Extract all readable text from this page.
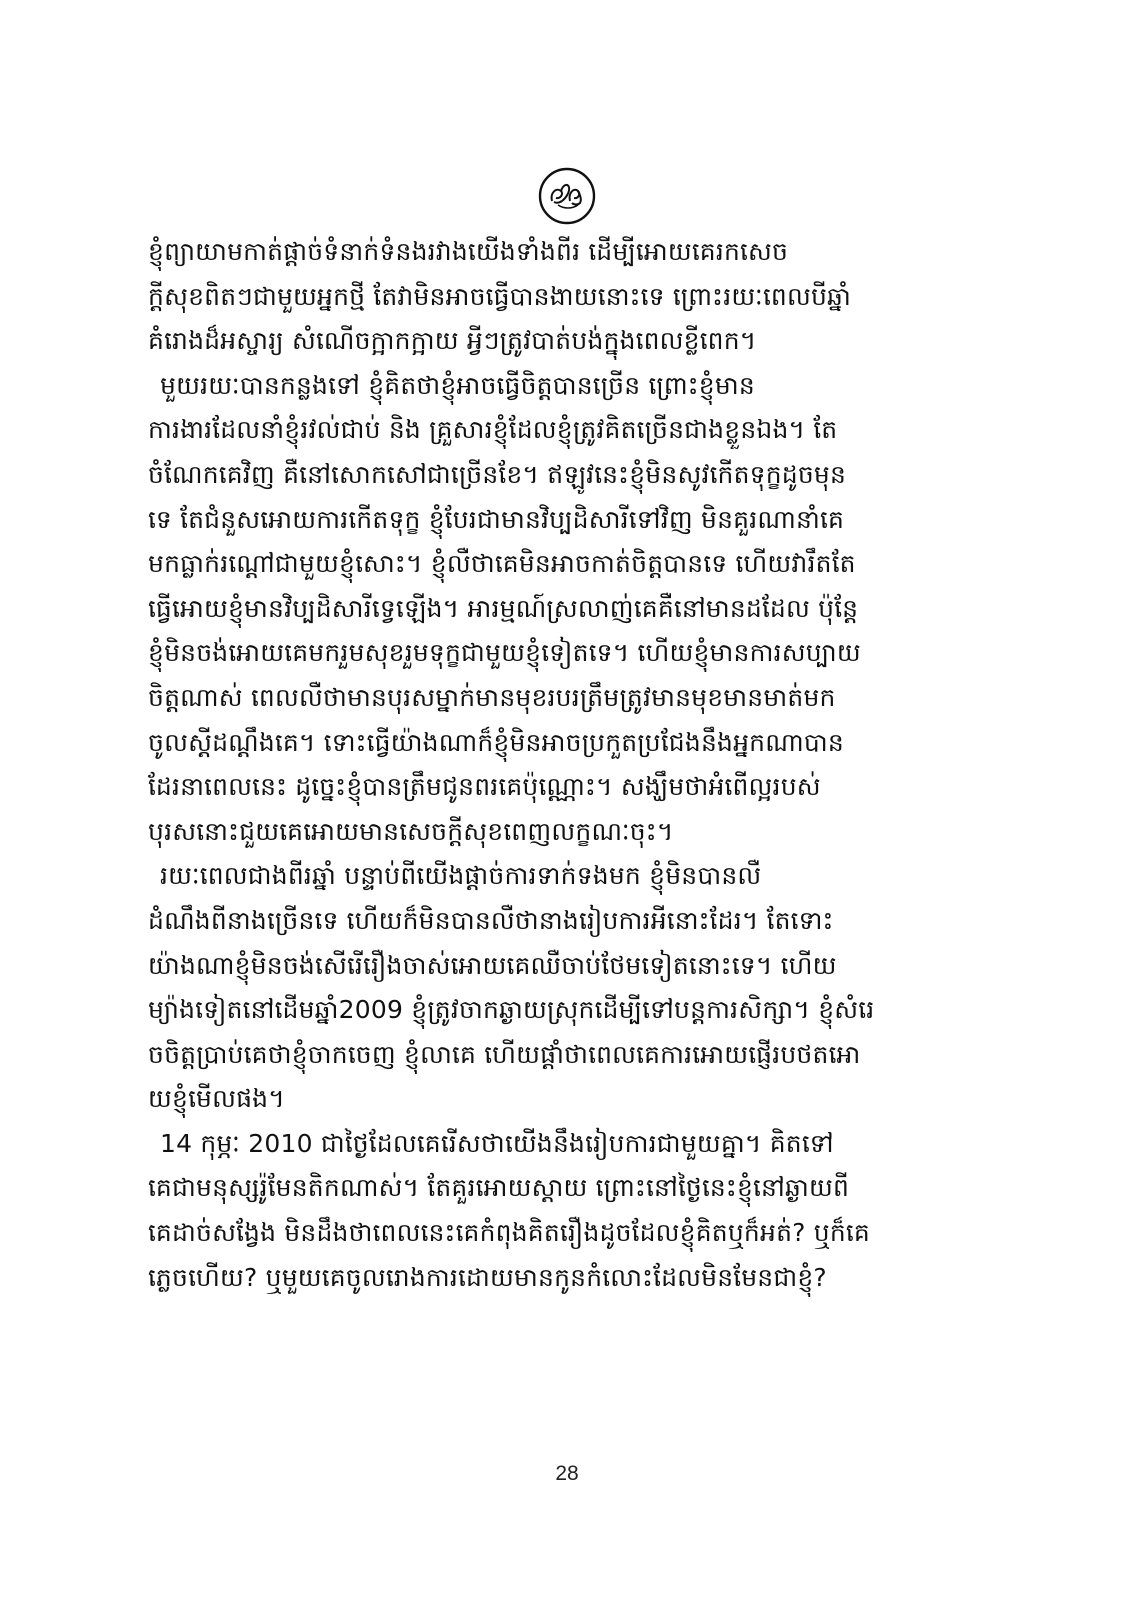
ខ្ញុំព្យាយាមកាត់ផ្តាច់ទំនាក់ទំនងរវាងយើងទាំងពីរ ដើម្បីអោយគេរកសេច
ក្តីសុខពិតៗជាមួយអ្នកថ្មី តែវាមិនអាចធ្វើបានងាយនោះទេ ព្រោះរយៈពេលបីឆ្នាំ
គំរោងដ៏អស្ចារ្យ សំណើចក្អាកក្អាយ អ្វីៗត្រូវបាត់បង់ក្នុងពេលខ្លីពេក។
មួយរយៈបានកន្លងទៅ ខ្ញុំគិតថាខ្ញុំអាចធ្វើចិត្តបានច្រើន ព្រោះខ្ញុំមាន
ការងារដែលនាំខ្ញុំរវល់ជាប់ និង គ្រួសារខ្ញុំដែលខ្ញុំត្រូវគិតច្រើនជាងខ្លួនឯង។ តែ
ចំណែកគេវិញ គឺនៅសោកសៅជាច្រើនខែ។ ឥឡូវនេះខ្ញុំមិនសូវកើតទុក្ខដូចមុន
ទេ តែជំនួសអោយការកើតទុក្ខ ខ្ញុំបែរជាមានវិប្បដិសារីទៅវិញ មិនគួរណានាំគេ
មកធ្លាក់រណ្តៅជាមួយខ្ញុំសោះ។ ខ្ញុំលឺថាគេមិនអាចកាត់ចិត្តបានទេ ហើយវារឹតតែ
ធ្វើអោយខ្ញុំមានវិប្បដិសារីទ្វេឡើង។ អារម្មណ៍ស្រលាញ់គេគឺនៅមានដដែល ប៉ុន្តែ
ខ្ញុំមិនចង់អោយគេមករួមសុខរួមទុក្ខជាមួយខ្ញុំទៀតទេ។ ហើយខ្ញុំមានការសប្បាយ
ចិត្តណាស់ ពេលលឺថាមានបុរសម្នាក់មានមុខរបរត្រឹមត្រូវមានមុខមានមាត់មក
ចូលស្តីដណ្តឹងគេ។ ទោះធ្វើយ៉ាងណាក៏ខ្ញុំមិនអាចប្រកួតប្រជែងនឹងអ្នកណាបាន
ដែរនាពេលនេះ ដូច្នេះខ្ញុំបានត្រឹមជូនពរគេប៉ុណ្ណោះ។ សង្ឃឹមថាអំពើល្អរបស់
បុរសនោះជួយគេអោយមានសេចក្តីសុខពេញលក្ខណៈចុះ។
រយៈពេលជាងពីរឆ្នាំ បន្ទាប់ពីយើងផ្តាច់ការទាក់ទងមក ខ្ញុំមិនបានលឺ
ដំណឹងពីនាងច្រើនទេ ហើយក៏មិនបានលឺថានាងរៀបការអីនោះដែរ។ តែទោះ
យ៉ាងណាខ្ញុំមិនចង់សើរើរឿងចាស់អោយគេឈឺចាប់ថែមទៀតនោះទេ។ ហើយ
ម្យ៉ាងទៀតនៅដើមឆ្នាំ2009 ខ្ញុំត្រូវចាកឆ្ងាយស្រុកដើម្បីទៅបន្តការសិក្សា។ ខ្ញុំសំរេ
ចចិត្តប្រាប់គេថាខ្ញុំចាកចេញ ខ្ញុំលាគេ ហើយផ្តាំថាពេលគេការអោយផ្ញើរបថតអោ
យខ្ញុំមើលផង។
14 កុម្ភៈ 2010 ជាថ្ងៃដែលគេរើសថាយើងនឹងរៀបការជាមួយគ្នា។ គិតទៅ
គេជាមនុស្សរ៉ូមែនតិកណាស់។ តែគួរអោយស្តាយ ព្រោះនៅថ្ងៃនេះខ្ញុំនៅឆ្ងាយពី
គេដាច់សង្វែង មិនដឹងថាពេលនេះគេកំពុងគិតរឿងដូចដែលខ្ញុំគិតឬក៏អត់? ឬក៏គេ
ភ្លេចហើយ? ឬមួយគេចូលរោងការដោយមានកូនកំលោះដែលមិនមែនជាខ្ញុំ?
28
